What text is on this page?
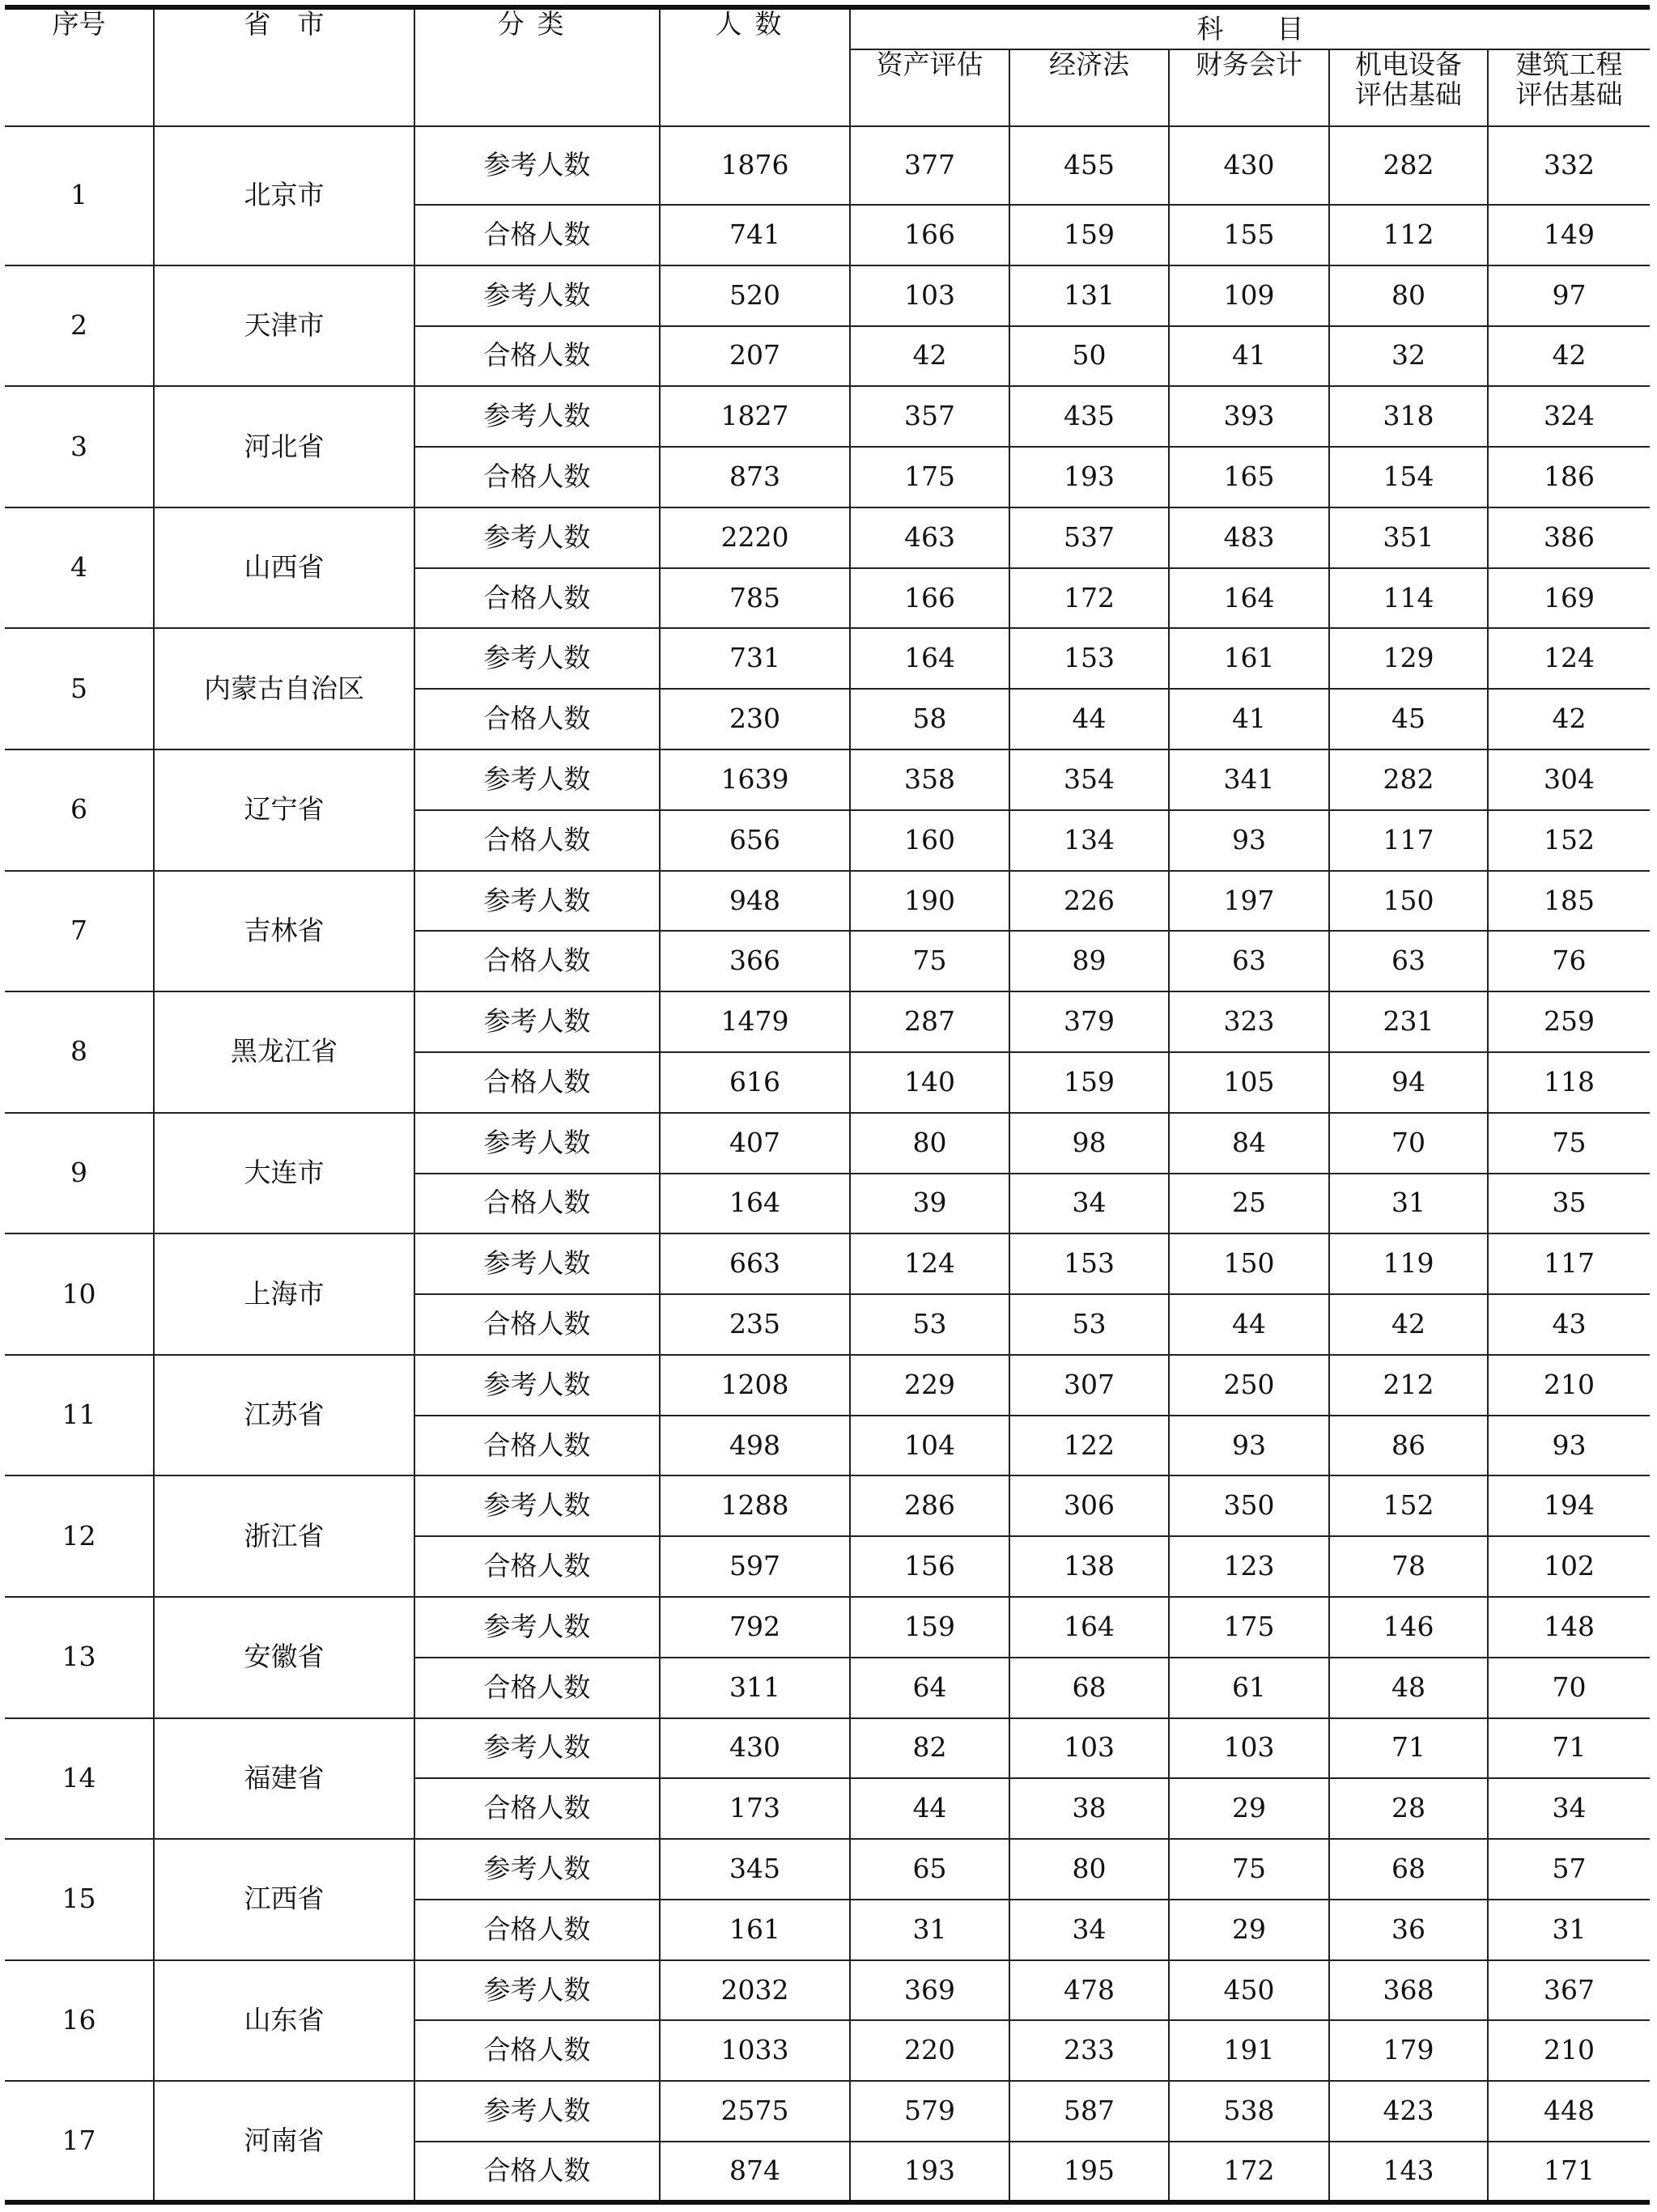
序号	省　市	分类	人数	科　　目				
				资产评估	经济法	财务会计	机电设备评估基础	建筑工程评估基础
1	北京市	参考人数	1876	377	455	430	282	332
		合格人数	741	166	159	155	112	149
2	天津市	参考人数	520	103	131	109	80	97
		合格人数	207	42	50	41	32	42
3	河北省	参考人数	1827	357	435	393	318	324
		合格人数	873	175	193	165	154	186
4	山西省	参考人数	2220	463	537	483	351	386
		合格人数	785	166	172	164	114	169
5	内蒙古自治区	参考人数	731	164	153	161	129	124
		合格人数	230	58	44	41	45	42
6	辽宁省	参考人数	1639	358	354	341	282	304
		合格人数	656	160	134	93	117	152
7	吉林省	参考人数	948	190	226	197	150	185
		合格人数	366	75	89	63	63	76
8	黑龙江省	参考人数	1479	287	379	323	231	259
		合格人数	616	140	159	105	94	118
9	大连市	参考人数	407	80	98	84	70	75
		合格人数	164	39	34	25	31	35
10	上海市	参考人数	663	124	153	150	119	117
		合格人数	235	53	53	44	42	43
11	江苏省	参考人数	1208	229	307	250	212	210
		合格人数	498	104	122	93	86	93
12	浙江省	参考人数	1288	286	306	350	152	194
		合格人数	597	156	138	123	78	102
13	安徽省	参考人数	792	159	164	175	146	148
		合格人数	311	64	68	61	48	70
14	福建省	参考人数	430	82	103	103	71	71
		合格人数	173	44	38	29	28	34
15	江西省	参考人数	345	65	80	75	68	57
		合格人数	161	31	34	29	36	31
16	山东省	参考人数	2032	369	478	450	368	367
		合格人数	1033	220	233	191	179	210
17	河南省	参考人数	2575	579	587	538	423	448
		合格人数	874	193	195	172	143	171
